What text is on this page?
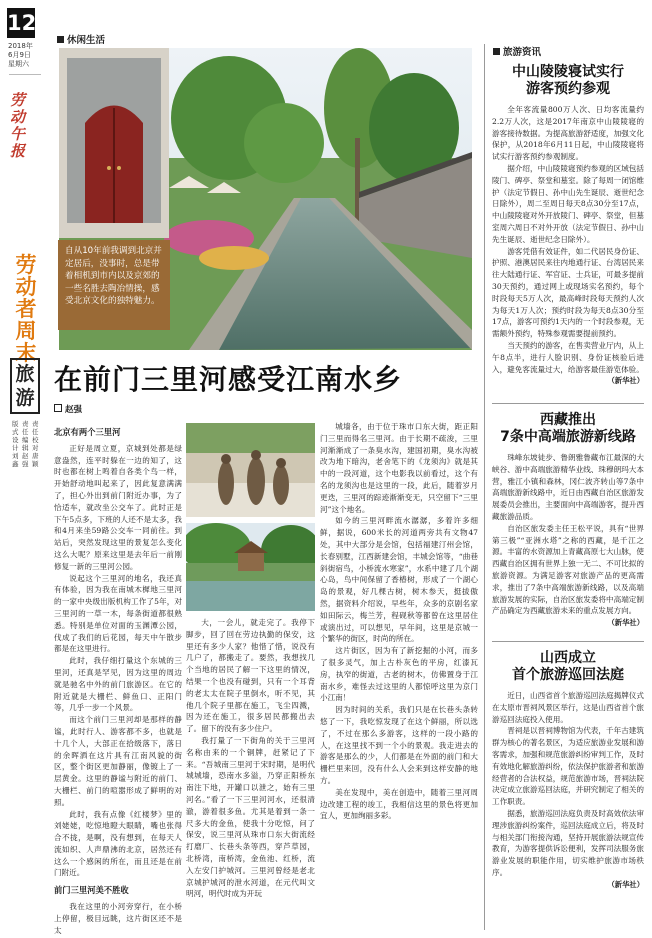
12
2018年
6月9日
星期六
劳动午报
劳动者周末
旅游
版式设计 刘鑫
责任编辑 赵强
责任校对 唐颖
休闲生活
自从10年前我调到北京并定居后，没事时，总是带着相机到市内以及京郊的一些名胜去陶冶情操，感受北京文化的独特魅力。
在前门三里河感受江南水乡
赵强
北京有两个三里河

正好是周立夏，京城到处都是绿意盎然，连平时躲在一边的知了，这时也都在树上鸣着自各类个鸟一样，开始舒动地叫起来了，因此复意满满了，担心外出到前门附近办事，为了恰适车，就改坐公交车了。此时正是下午5点多，下班的人还不是太多，我和4月来坐59路公交车一同前往。到站后，突然发现这里的景复怎么变化这么大呢？原来这里是去年后一前刚修复一新的三里河公园。

说起这个三里河的地名，我还真有体验，因为我在南城木樨地三里河的一家中央级出版机构工作了5年，对三里河的一草一木，每条街道都很熟悉。特别是单位对面的玉渊潭公园，伐成了我们的后花园，每天中午散步都是在这里进行。

此时，我仔细打量这个东城的三里河，还真是罕见，因为这里的周边就是驰名中外的前门旅游区。在它的附近就是大栅栏、鲜鱼口、正阳门等，几乎一步一个风景。

而这个前门三里河却是那样的静谧，此时行人、游客都不多，也就是十几个人，大部正在拾级落下，落日的余晖洒在这片具有江南风貌的街区，整个街区更加静丽，像镀上了一层黄金。这里的静谧与附近的前门、大栅栏、前门的喧嚣形成了鲜明的对照。

此时，我有点像《红楼梦》里的刘姥姥，吃惊地瞪大眼睛，嘴也张得合不拢，是啊，没有想到，在每天人流如织、人声鼎沸的北京，居然还有这么一个感闲的所在，而且还是在前门附近。

前门三里河美不胜收

我在这里的小河旁穿行，在小桥上停留，极目远眺，这片街区还不是太

大，一会儿，就走完了。我停下脚步，回了回在劳边执勤的保安，这里还有多少人家？他惜了惜，说没有几户了，都搬走了。要然，我想找几个当地的居民了解一下这里的情况，结果一个也没有碰到，只有一个耳背的老太太在院子里倒水，听不见，其他几个院子里都在施工，飞尘四溅，因为还在施工，很多居民都搬出去了。留下的没有多少住户。

我打量了一下街角的关于三里河名称由来的一个铜牌，赶紧记了下来。“吾城南三里河于宋时期，是明代城城墙，恐南水多溢，乃穿正阳桥东南注下地，开罐口以泄之，始有三里河名。”看了一下三里河河水，还很清澈，游着很多鱼。尤其是着到一条一尺多大的金鱼，使我十分吃惊，问了保安，说三里河从珠市口东大街流经打磨厂、长巷头条等西，穿芦草园，北桥湾，南桥湾，金鱼池、红桥，流入左安门护城河。三里河曾经是老北京城护城河的泄水河道，在元代叫文明河，明代时成为开玩

城墙各，由于位于珠市口东大街，距正阳门三里而得名三里河。由于长期不疏浚，三里河渐渐成了一条臭水沟，建国初期，臭水沟被改为地下暗沟，老舍笔下的《龙须沟》就是其中的一段河道，这个电影我以前看过，这个有名的龙须沟也是这里的一段，此后，随着岁月更迭，三里河的踪迹渐渐变无，只空留下“三里河”这个地名。

如今的三里河畔流水潺潺，多着许多细鲜，据说，600米长的河道两旁共有文物47处，其中大部分是会馆，包括福建汀州会馆，长春别墅，江西新建会馆，丰城会馆等，“曲巷斜街宿鸟，小桥流水寒家”，水系中建了几个湖心岛，鸟中间保留了香椿树，形成了一个湖心岛的景观，好几棵古树，树木参天，挺拔傲然，据资料介绍说，早些年，众多的京剧名家如田际云，梅兰芳，程砚秋等都曾在这里居住或演出过，可以想见，早年间，这里是京城一个繁华的街区，时尚的所在。

这片街区，因为有了新挖掘的小河，而多了很多灵气，加上古朴灰色的平房，红漆瓦房，执窄的街道，古老的树木，仿佛置身于江南水乡，难怪去过这里的人都惊呼这里为京门小江南！

因为时间的关系，我们只是在长巷头条转悠了一下，我吃惊发现了在这个鲜丽，所以选了，不过在那么多游客，这样的一段小路的人，在这里找不到一个小的景观。我走进去的游客是那么的少，人们都是在外面的前门和大栅栏里来回，没有什么人会来到这样安静的地方。

美在发现中，美在创造中，随着三里河周边改建工程的竣工，我相信这里的景色将更加宜人，更加绚丽多彩。

旅游资讯
中山陵陵寝试实行
游客预约参观

全年客流量800万人次、日均客流量约2.2万人次，这是2017年南京中山陵陵寝的游客接待数据。为提高旅游舒适度，加强文化保护，从2018年6月11日起，中山陵陵寝将试实行游客预约参观制度。

据介绍，中山陵陵寝预约参观的区域包括陵门、碑亭、祭堂和墓室。除了每周一闭馆维护（法定节假日、孙中山先生诞辰、逝世纪念日除外），周二至周日每天8点30分至17点，中山陵陵寝对外开放陵门、碑亭、祭堂，但墓室周六周日不对外开放（法定节假日、孙中山先生诞辰、逝世纪念日除外）。

游客凭借有效证件，如二代居民身份证、护照、港澳居民来往内地通行证、台湾居民来往大陆通行证、军官证、士兵证，可最多提前30天预约，通过网上或现场实名预约，每个时段每天5万人次，最高峰时段每天预约人次为每天1万人次；预约时段为每天8点30分至17点，游客可预约1天内的一个时段参观，无需额外预约，特殊参观需要提前预约。

当天预约的游客，在售卖营业厅内，从上午8点半，进行人脸识别、身份证核验后进入，避免客流量过大，给游客最佳游览体验。

（新华社）
西藏推出
7条中高端旅游新线路

珠峰东坡徒步、鲁朗雅鲁藏布江最深的大峡谷、游中高端旅游精华业线、珠穆朗玛大本营，雅江小镇和森林，冈仁波齐转山等7条中高端旅游新线路中，近日由西藏自治区旅游发展委员会推出，主要面向中高端游客，提升西藏旅游品质。

自治区旅发委主任王松平说，具有“世界第三极”“亚洲水塔”之称的西藏，是千江之源。丰富的水资源加上青藏高原七大山脉，使西藏自治区拥有世界上独一无二、不可比拟的旅游资源。为满足游客对旅游产品的更高需求，推出了7条中高端旅游新线路，以及高端旅游发展的实际，自治区旅发委将中高端定制产品确定为西藏旅游未来的重点发展方向。

（新华社）
山西成立
首个旅游巡回法庭

近日，山西省首个旅游巡回法庭揭牌仪式在太原市晋祠风景区举行，这是山西省首个旅游巡回法庭投入使用。

晋祠是以晋祠博物馆为代表，千年古建筑群为核心的著名景区，为适应旅游业发展和游客需求，加强和规范旅游纠纷审判工作，及时有效地化解旅游纠纷，依法保护旅游者和旅游经营者的合法权益，规范旅游市场，晋祠法院决定成立旅游巡回法庭，并研究制定了相关的工作职责。

据悉，旅游巡回法庭负责及时高效依法审理涉旅游纠纷案件，巡回法庭成立后，将及时与相关部门衔接沟通，坚持开展旅游法规宣传教育，为游客提供诉讼便利，发挥司法服务旅游业发展的职能作用，切实维护旅游市场秩序。

（新华社）
